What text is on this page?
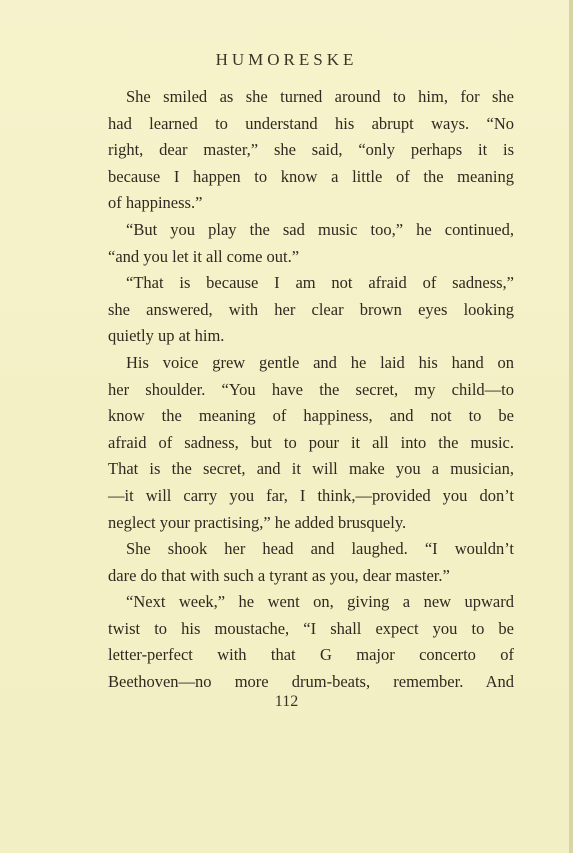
HUMORESKE
She smiled as she turned around to him, for she
had learned to understand his abrupt ways. “No
right, dear master,” she said, “only perhaps it is
because I happen to know a little of the meaning
of happiness.”
“But you play the sad music too,” he continued,
“and you let it all come out.”
“That is because I am not afraid of sadness,”
she answered, with her clear brown eyes looking
quietly up at him.
His voice grew gentle and he laid his hand on
her shoulder. “You have the secret, my child—to
know the meaning of happiness, and not to be
afraid of sadness, but to pour it all into the music.
That is the secret, and it will make you a musician,
—it will carry you far, I think,—provided you don’t
neglect your practising,” he added brusquely.
She shook her head and laughed. “I wouldn’t
dare do that with such a tyrant as you, dear master.”
“Next week,” he went on, giving a new upward
twist to his moustache, “I shall expect you to be
letter-perfect with that G major concerto of
Beethoven—no more drum-beats, remember. And
112
